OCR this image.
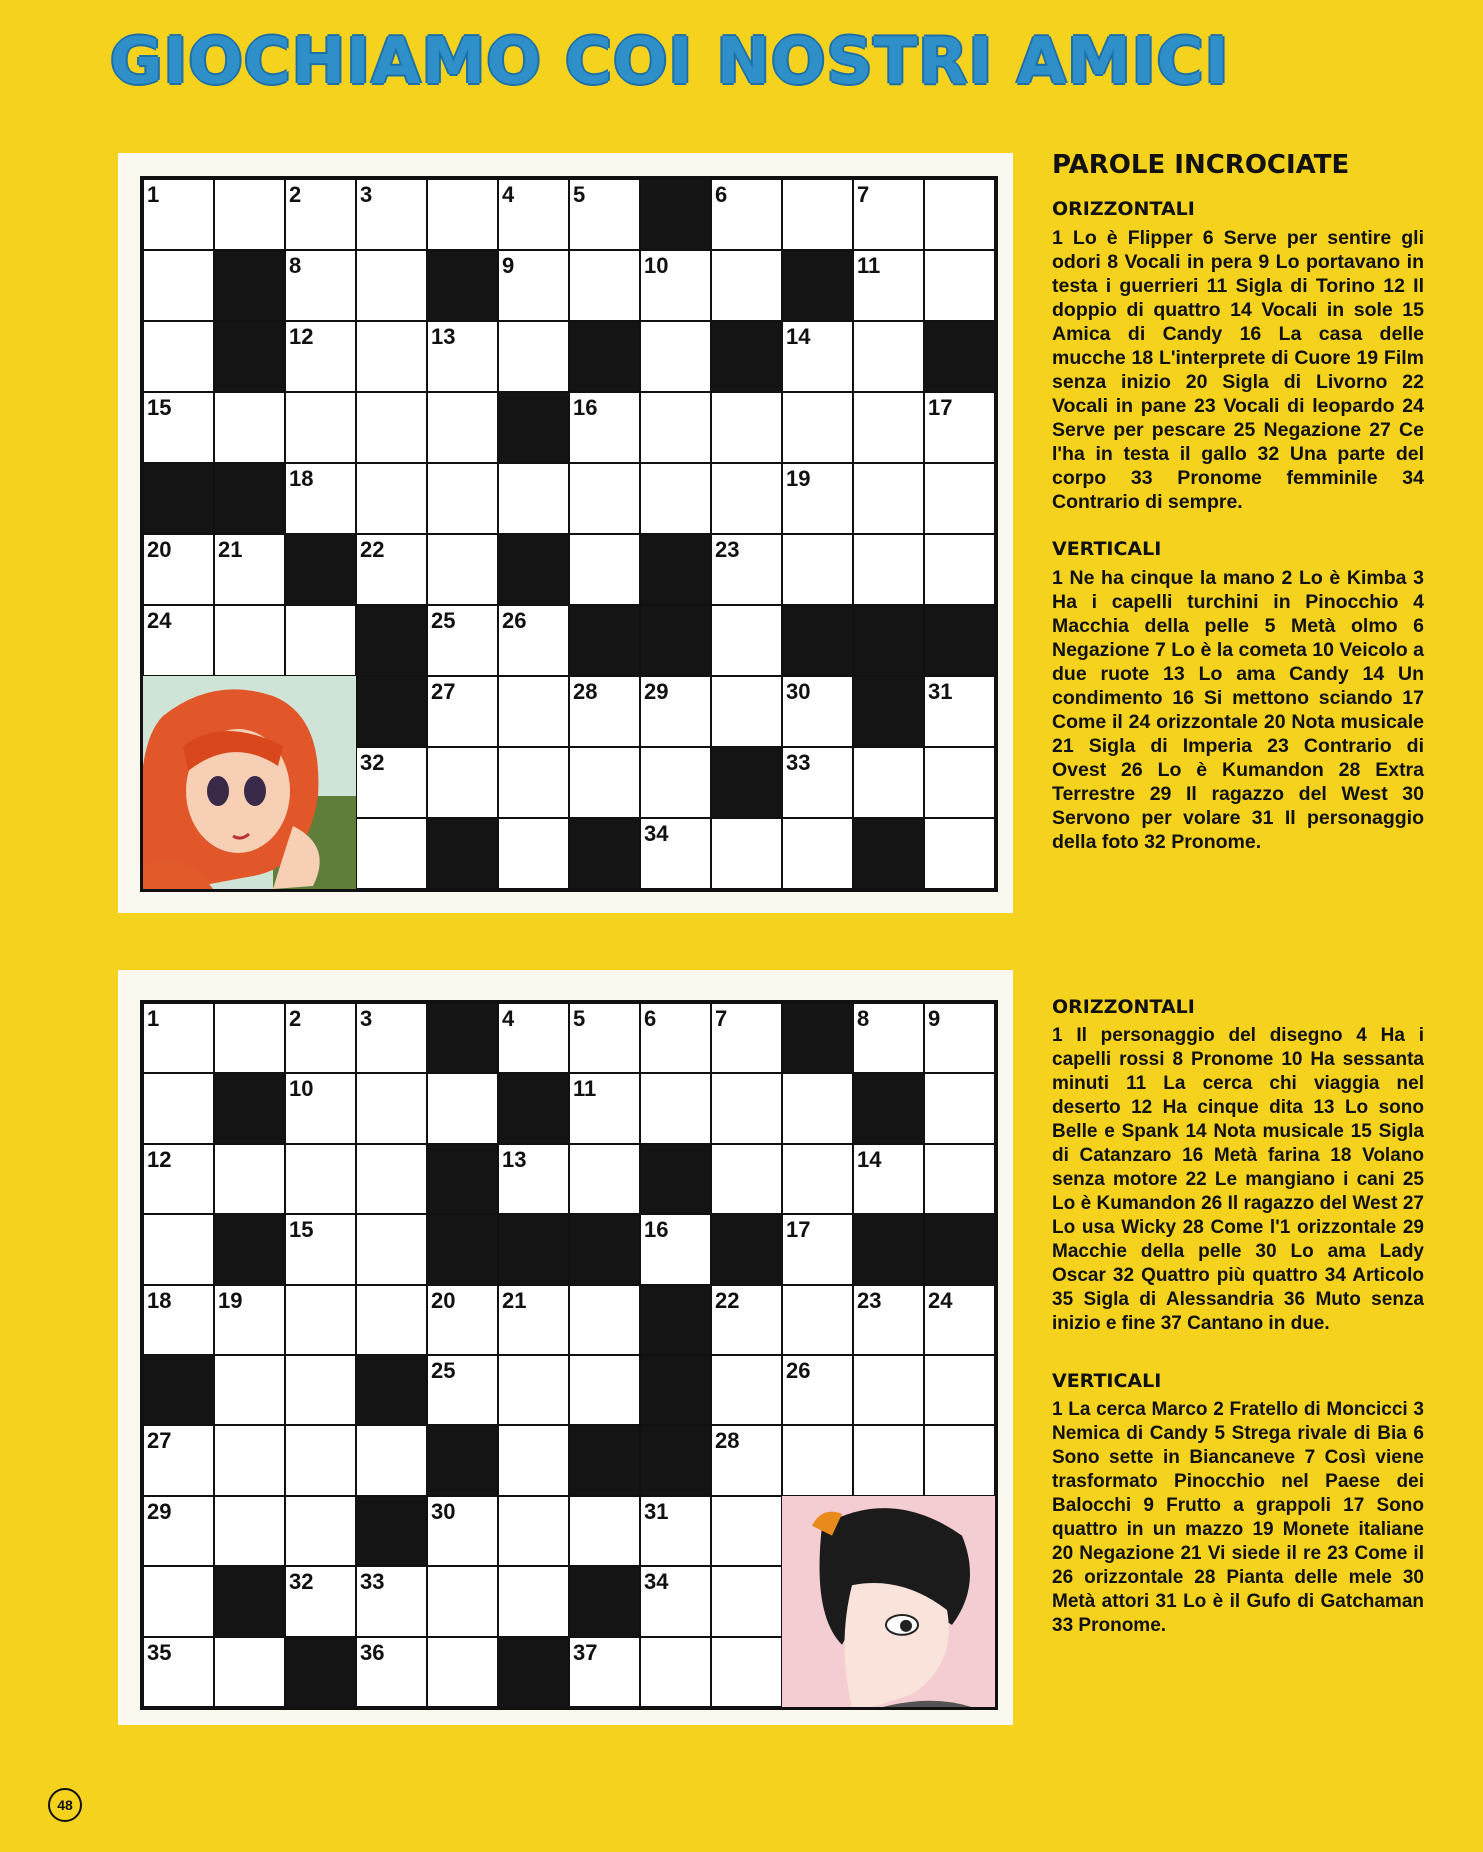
GIOCHIAMO COI NOSTRI AMICI
1	2	3	4	5	6	7
8	9	10	11
12	13	14
15	16	17
18	19
20 21	22	23
24	25 26
27	28 29	30	31
32	33
34
PAROLE INCROCIATE
ORIZZONTALI

1 Lo è Flipper 6 Serve per sentire gli odori 8 Vocali in pera 9 Lo portavano in testa i guerrieri 11 Sigla di Torino 12 Il doppio di quattro 14 Vocali in sole 15 Amica di Candy 16 La casa delle mucche 18 L'interprete di Cuore 19 Film senza inizio 20 Sigla di Livorno 22 Vocali in pane 23 Vocali di leopardo 24 Serve per pescare 25 Negazione 27 Ce l'ha in testa il gallo 32 Una parte del corpo 33 Pronome femminile 34 Contrario di sempre.

VERTICALI

1 Ne ha cinque la mano 2 Lo è Kimba 3 Ha i capelli turchini in Pinocchio 4 Macchia della pelle 5 Metà olmo 6 Negazione 7 Lo è la cometa 10 Veicolo a due ruote 13 Lo ama Candy 14 Un condimento 16 Si mettono sciando 17 Come il 24 orizzontale 20 Nota musicale 21 Sigla di Imperia 23 Contrario di Ovest 26 Lo è Kumandon 28 Extra Terrestre 29 Il ragazzo del West 30 Servono per volare 31 Il personaggio della foto 32 Pronome.

1	2	3	4	5	6	7	8	9
10	11
12	13	14
15	16	17
18 19	20 21	22	23 24
25	26
27	28
29	30	31
32 33	34
35	36	37
ORIZZONTALI

1 Il personaggio del disegno 4 Ha i capelli rossi 8 Pronome 10 Ha sessanta minuti 11 La cerca chi viaggia nel deserto 12 Ha cinque dita 13 Lo sono Belle e Spank 14 Nota musicale 15 Sigla di Catanzaro 16 Metà farina 18 Volano senza motore 22 Le mangiano i cani 25 Lo è Kumandon 26 Il ragazzo del West 27 Lo usa Wicky 28 Come l'1 orizzontale 29 Macchie della pelle 30 Lo ama Lady Oscar 32 Quattro più quattro 34 Articolo 35 Sigla di Alessandria 36 Muto senza inizio e fine 37 Cantano in due.

VERTICALI

1 La cerca Marco 2 Fratello di Moncicci 3 Nemica di Candy 5 Strega rivale di Bia 6 Sono sette in Biancaneve 7 Così viene trasformato Pinocchio nel Paese dei Balocchi 9 Frutto a grappoli 17 Sono quattro in un mazzo 19 Monete italiane 20 Negazione 21 Vi siede il re 23 Come il 26 orizzontale 28 Pianta delle mele 30 Metà attori 31 Lo è il Gufo di Gatchaman 33 Pronome.

48
